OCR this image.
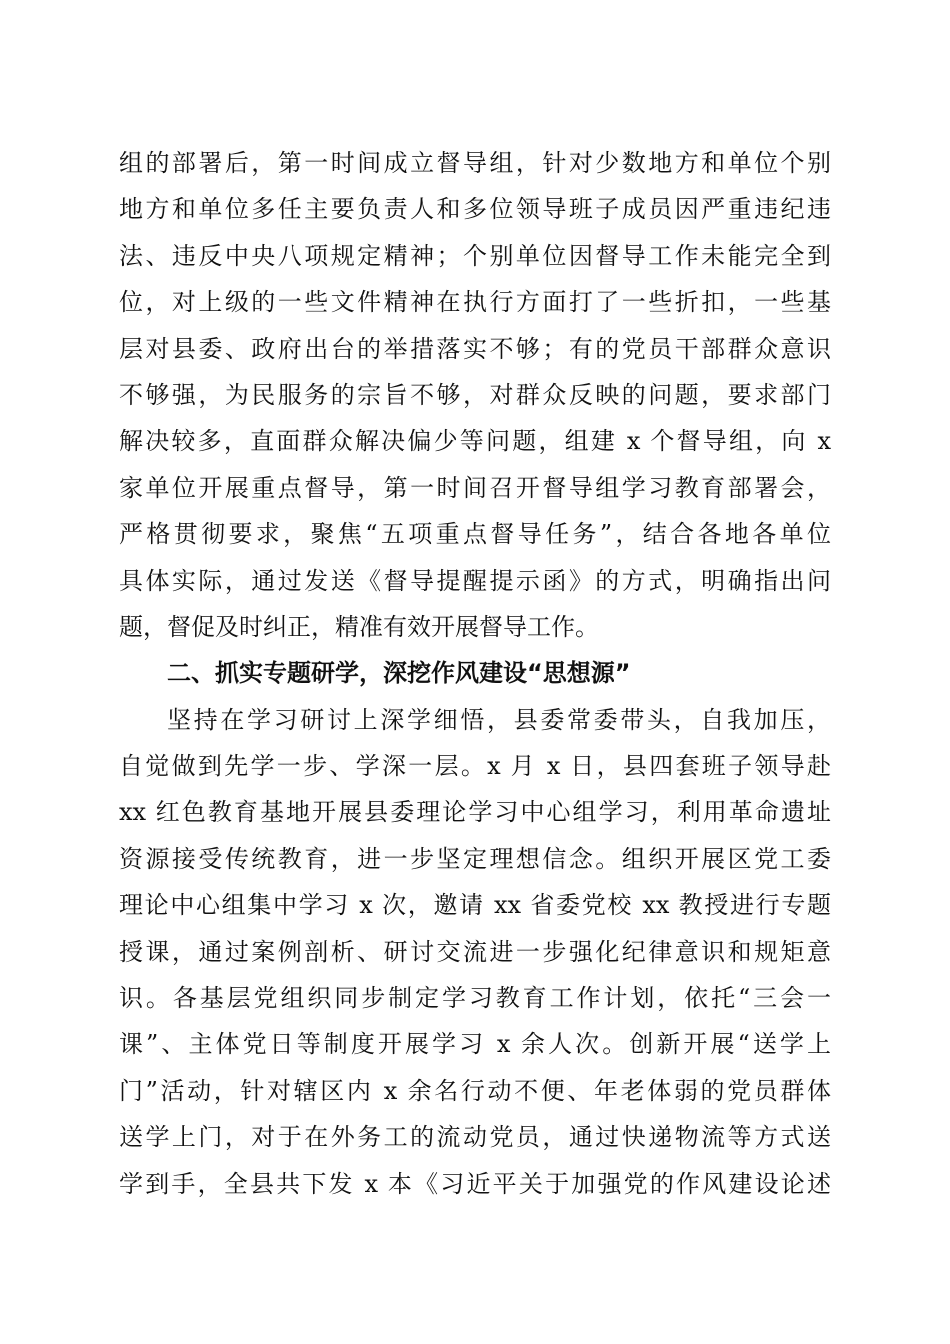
组的部署后，第一时间成立督导组，针对少数地方和单位个别
地方和单位多任主要负责人和多位领导班子成员因严重违纪违
法、违反中央八项规定精神；个别单位因督导工作未能完全到
位，对上级的一些文件精神在执行方面打了一些折扣，一些基
层对县委、政府出台的举措落实不够；有的党员干部群众意识
不够强，为民服务的宗旨不够，对群众反映的问题，要求部门
解决较多，直面群众解决偏少等问题，组建 x 个督导组，向 x
家单位开展重点督导，第一时间召开督导组学习教育部署会，
严格贯彻要求，聚焦“五项重点督导任务”，结合各地各单位
具体实际，通过发送《督导提醒提示函》的方式，明确指出问
题，督促及时纠正，精准有效开展督导工作。
二、抓实专题研学，深挖作风建设“思想源”
坚持在学习研讨上深学细悟，县委常委带头，自我加压，
自觉做到先学一步、学深一层。x 月 x 日，县四套班子领导赴
xx 红色教育基地开展县委理论学习中心组学习，利用革命遗址
资源接受传统教育，进一步坚定理想信念。组织开展区党工委
理论中心组集中学习 x 次，邀请 xx 省委党校 xx 教授进行专题
授课，通过案例剖析、研讨交流进一步强化纪律意识和规矩意
识。各基层党组织同步制定学习教育工作计划，依托“三会一
课”、主体党日等制度开展学习 x 余人次。创新开展“送学上
门”活动，针对辖区内 x 余名行动不便、年老体弱的党员群体
送学上门，对于在外务工的流动党员，通过快递物流等方式送
学到手，全县共下发 x 本《习近平关于加强党的作风建设论述
